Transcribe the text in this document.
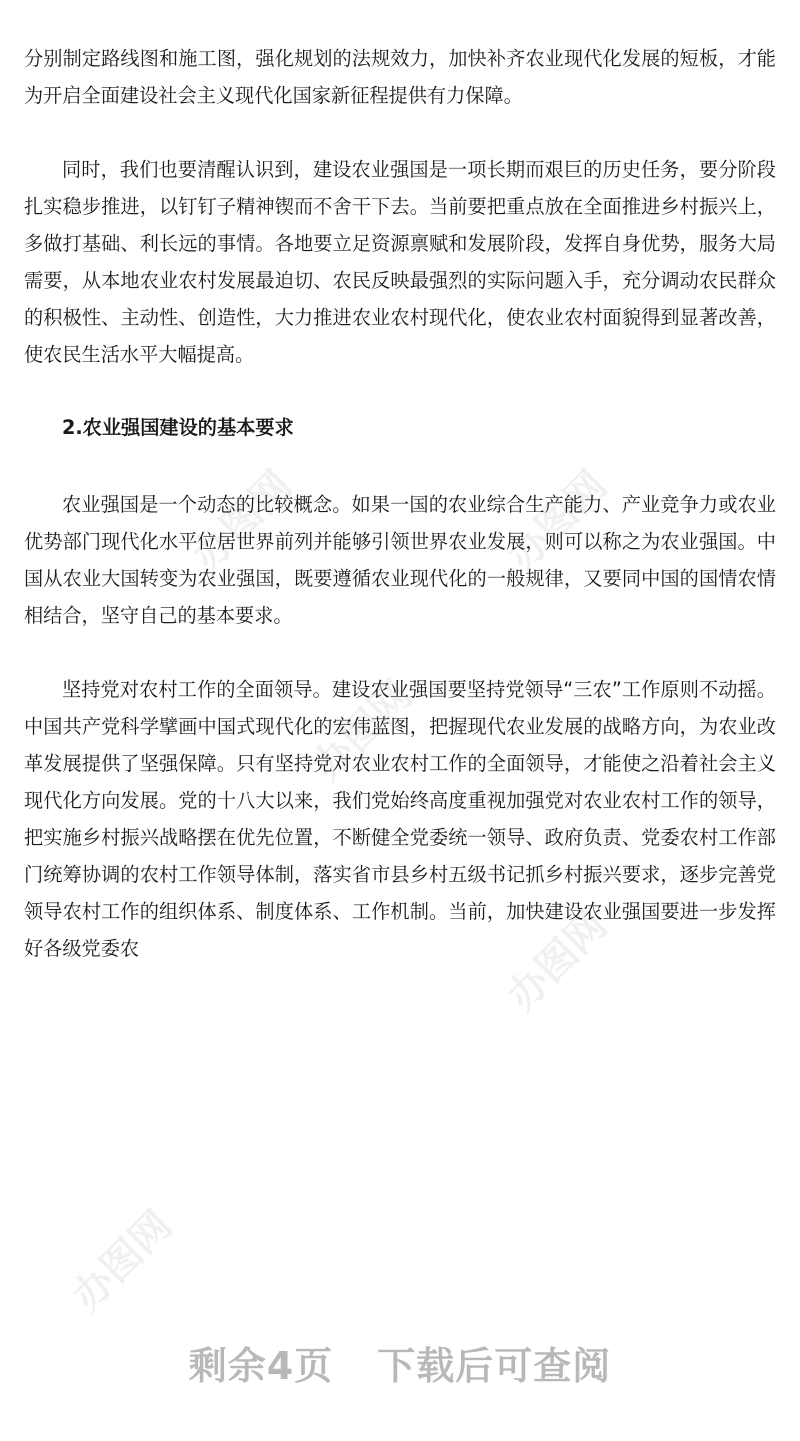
办图网	办图网
办图网
办图网
办图网

分别制定路线图和施工图，强化规划的法规效力，加快补齐农业现代化发展的短板，才能为开启全面建设社会主义现代化国家新征程提供有力保障。

同时，我们也要清醒认识到，建设农业强国是一项长期而艰巨的历史任务，要分阶段扎实稳步推进，以钉钉子精神锲而不舍干下去。当前要把重点放在全面推进乡村振兴上，多做打基础、利长远的事情。各地要立足资源禀赋和发展阶段，发挥自身优势，服务大局需要，从本地农业农村发展最迫切、农民反映最强烈的实际问题入手，充分调动农民群众的积极性、主动性、创造性，大力推进农业农村现代化，使农业农村面貌得到显著改善，使农民生活水平大幅提高。

2.农业强国建设的基本要求

农业强国是一个动态的比较概念。如果一国的农业综合生产能力、产业竞争力或农业优势部门现代化水平位居世界前列并能够引领世界农业发展，则可以称之为农业强国。中国从农业大国转变为农业强国，既要遵循农业现代化的一般规律，又要同中国的国情农情相结合，坚守自己的基本要求。

坚持党对农村工作的全面领导。建设农业强国要坚持党领导“三农”工作原则不动摇。中国共产党科学擘画中国式现代化的宏伟蓝图，把握现代农业发展的战略方向，为农业改革发展提供了坚强保障。只有坚持党对农业农村工作的全面领导，才能使之沿着社会主义现代化方向发展。党的十八大以来，我们党始终高度重视加强党对农业农村工作的领导，把实施乡村振兴战略摆在优先位置，不断健全党委统一领导、政府负责、党委农村工作部门统筹协调的农村工作领导体制，落实省市县乡村五级书记抓乡村振兴要求，逐步完善党领导农村工作的组织体系、制度体系、工作机制。当前，加快建设农业强国要进一步发挥好各级党委农

剩余4页 下载后可查阅
